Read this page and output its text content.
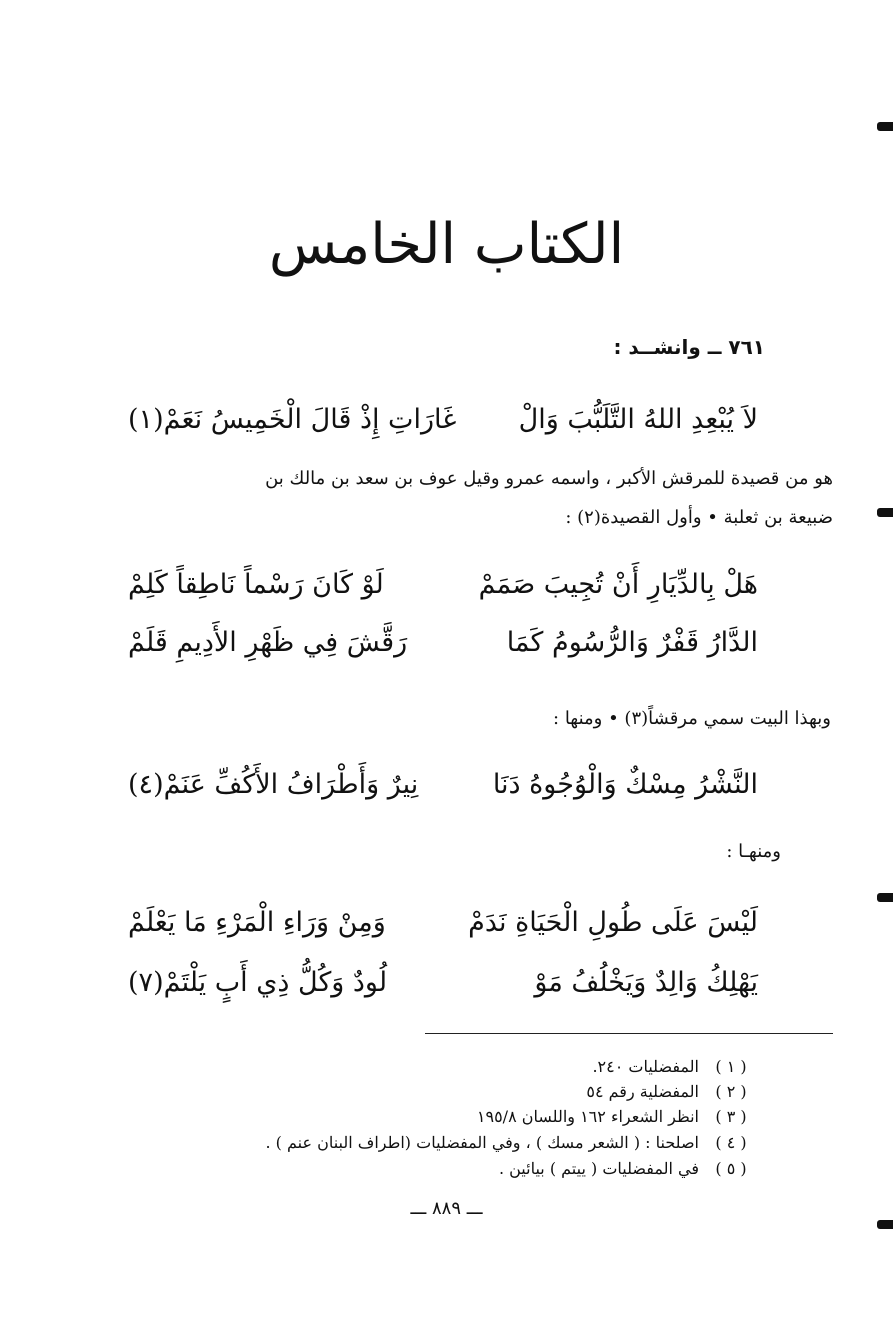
الكتاب الخامس
٧٦١ ــ وانشــد :
لاَ يُبْعِدِ اللهُ التَّلَبُّبَ وَالْ
غَارَاتِ إِذْ قَالَ الْخَمِيسُ نَعَمْ(١)
هو من قصيدة للمرقش الأكبر ، واسمه عمرو وقيل عوف بن سعد بن مالك بن
ضبيعة بن ثعلبة • وأول القصيدة(٢) :
هَلْ بِالدِّيَارِ أَنْ تُجِيبَ صَمَمْ
لَوْ كَانَ رَسْماً نَاطِقاً كَلِمْ
الدَّارُ قَفْرٌ وَالرُّسُومُ كَمَا
رَقَّشَ فِي ظَهْرِ الأَدِيمِ قَلَمْ
وبهذا البيت سمي مرقشاً(٣) • ومنها :
النَّشْرُ مِسْكٌ وَالْوُجُوهُ دَنَا
نِيرٌ وَأَطْرَافُ الأَكُفِّ عَنَمْ(٤)
ومنهـا :
لَيْسَ عَلَى طُولِ الْحَيَاةِ نَدَمْ
وَمِنْ وَرَاءِ الْمَرْءِ مَا يَعْلَمْ
يَهْلِكُ وَالِدٌ وَيَخْلُفُ مَوْ
لُودٌ وَكُلُّ ذِي أَبٍ يَلْتَمْ(٧)
( ١ )المفضليات ٢٤٠.
( ٢ )المفضلية رقم ٥٤
( ٣ )انظر الشعراء ١٦٢ واللسان ١٩٥/٨
( ٤ )اصلحنا : ( الشعر مسك ) ، وفي المفضليات (اطراف البنان عنم ) .
( ٥ )في المفضليات ( ييتم ) بيائين .
ـــ ٨٨٩ ـــ
